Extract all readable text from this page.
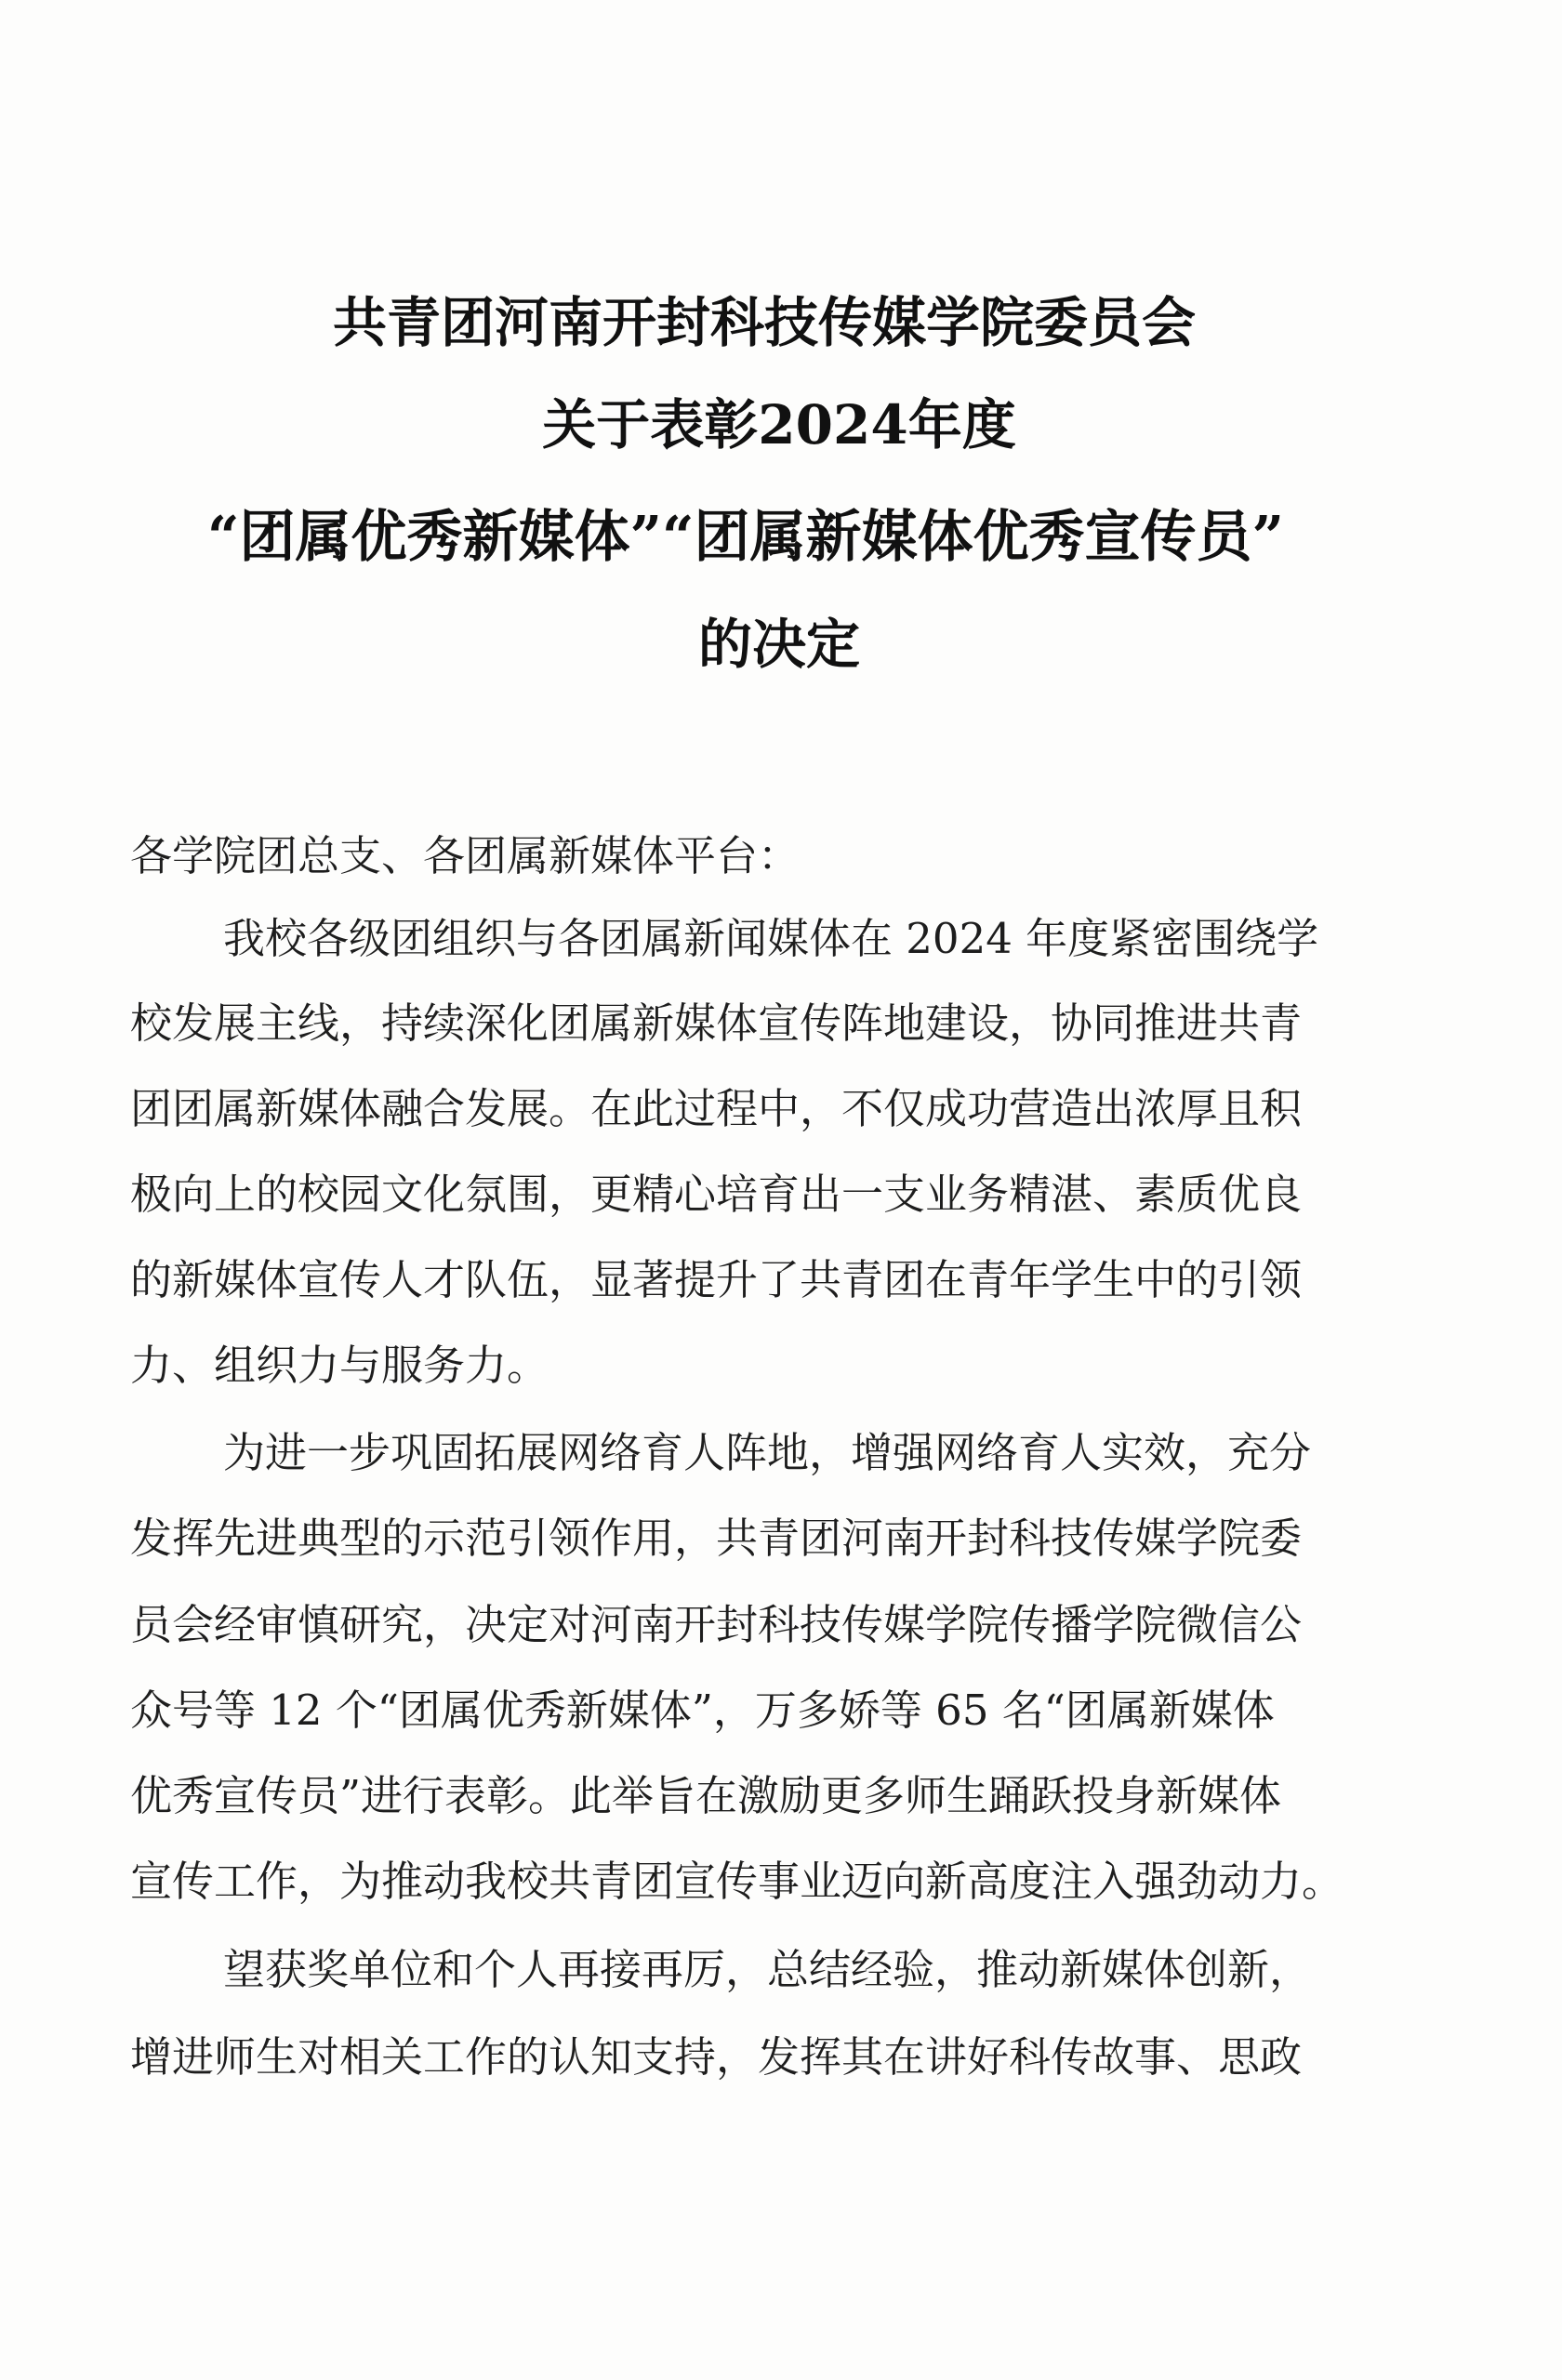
共青团河南开封科技传媒学院委员会
关于表彰2024年度
“团属优秀新媒体”“团属新媒体优秀宣传员”
的决定
各学院团总支、各团属新媒体平台：
我校各级团组织与各团属新闻媒体在 2024 年度紧密围绕学
校发展主线，持续深化团属新媒体宣传阵地建设，协同推进共青
团团属新媒体融合发展。在此过程中，不仅成功营造出浓厚且积
极向上的校园文化氛围，更精心培育出一支业务精湛、素质优良
的新媒体宣传人才队伍，显著提升了共青团在青年学生中的引领
力、组织力与服务力。
为进一步巩固拓展网络育人阵地，增强网络育人实效，充分
发挥先进典型的示范引领作用，共青团河南开封科技传媒学院委
员会经审慎研究，决定对河南开封科技传媒学院传播学院微信公
众号等 12 个“团属优秀新媒体”，万多娇等 65 名“团属新媒体
优秀宣传员”进行表彰。此举旨在激励更多师生踊跃投身新媒体
宣传工作，为推动我校共青团宣传事业迈向新高度注入强劲动力。
望获奖单位和个人再接再厉，总结经验，推动新媒体创新，
增进师生对相关工作的认知支持，发挥其在讲好科传故事、思政
